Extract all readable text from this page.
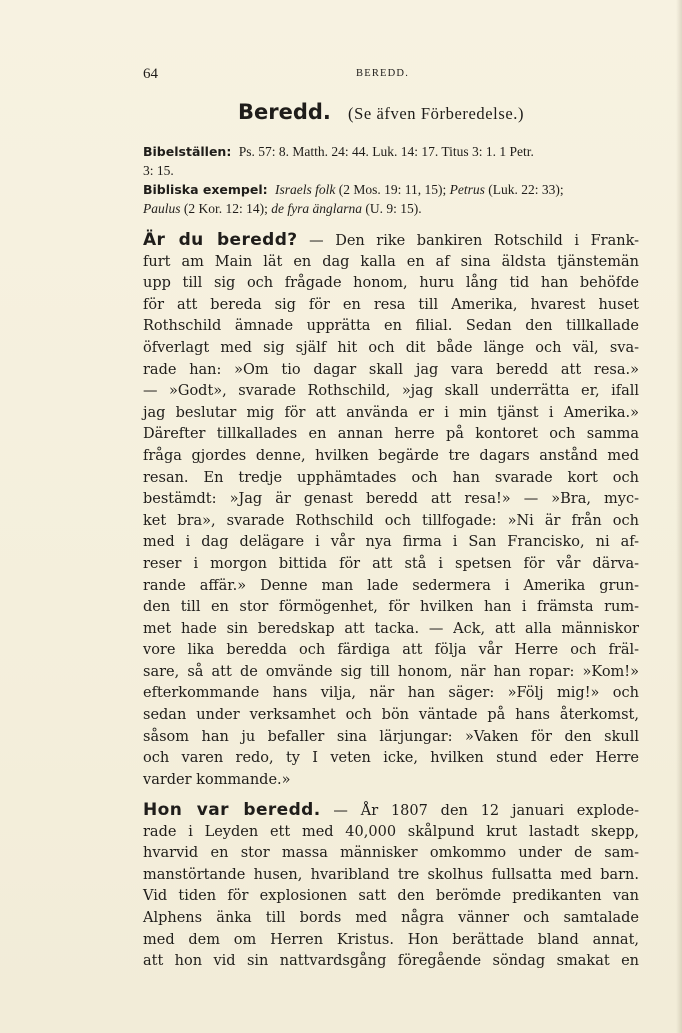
64	BEREDD.
Beredd. (Se äfven Förberedelse.)
Bibelställen: Ps. 57: 8. Matth. 24: 44. Luk. 14: 17. Titus 3: 1. 1 Petr.
3: 15.
Bibliska exempel: Israels folk (2 Mos. 19: 11, 15); Petrus (Luk. 22: 33);
Paulus (2 Kor. 12: 14); de fyra änglarna (U. 9: 15).
Är du beredd? — Den rike bankiren Rotschild i Frank-
furt am Main lät en dag kalla en af sina äldsta tjänstemän
upp till sig och frågade honom, huru lång tid han behöfde
för att bereda sig för en resa till Amerika, hvarest huset
Rothschild ämnade upprätta en filial. Sedan den tillkallade
öfverlagt med sig själf hit och dit både länge och väl, sva-
rade han: »Om tio dagar skall jag vara beredd att resa.»
— »Godt», svarade Rothschild, »jag skall underrätta er, ifall
jag beslutar mig för att använda er i min tjänst i Amerika.»
Därefter tillkallades en annan herre på kontoret och samma
fråga gjordes denne, hvilken begärde tre dagars anstånd med
resan. En tredje upphämtades och han svarade kort och
bestämdt: »Jag är genast beredd att resa!» — »Bra, myc-
ket bra», svarade Rothschild och tillfogade: »Ni är från och
med i dag delägare i vår nya firma i San Francisko, ni af-
reser i morgon bittida för att stå i spetsen för vår därva-
rande affär.» Denne man lade sedermera i Amerika grun-
den till en stor förmögenhet, för hvilken han i främsta rum-
met hade sin beredskap att tacka. — Ack, att alla människor
vore lika beredda och färdiga att följa vår Herre och fräl-
sare, så att de omvände sig till honom, när han ropar: »Kom!»
efterkommande hans vilja, när han säger: »Följ mig!» och
sedan under verksamhet och bön väntade på hans återkomst,
såsom han ju befaller sina lärjungar: »Vaken för den skull
och varen redo, ty I veten icke, hvilken stund eder Herre
varder kommande.»
Hon var beredd. — År 1807 den 12 januari explode-
rade i Leyden ett med 40,000 skålpund krut lastadt skepp,
hvarvid en stor massa människer omkommo under de sam-
manstörtande husen, hvaribland tre skolhus fullsatta med barn.
Vid tiden för explosionen satt den berömde predikanten van
Alphens änka till bords med några vänner och samtalade
med dem om Herren Kristus. Hon berättade bland annat,
att hon vid sin nattvardsgång föregående söndag smakat en
